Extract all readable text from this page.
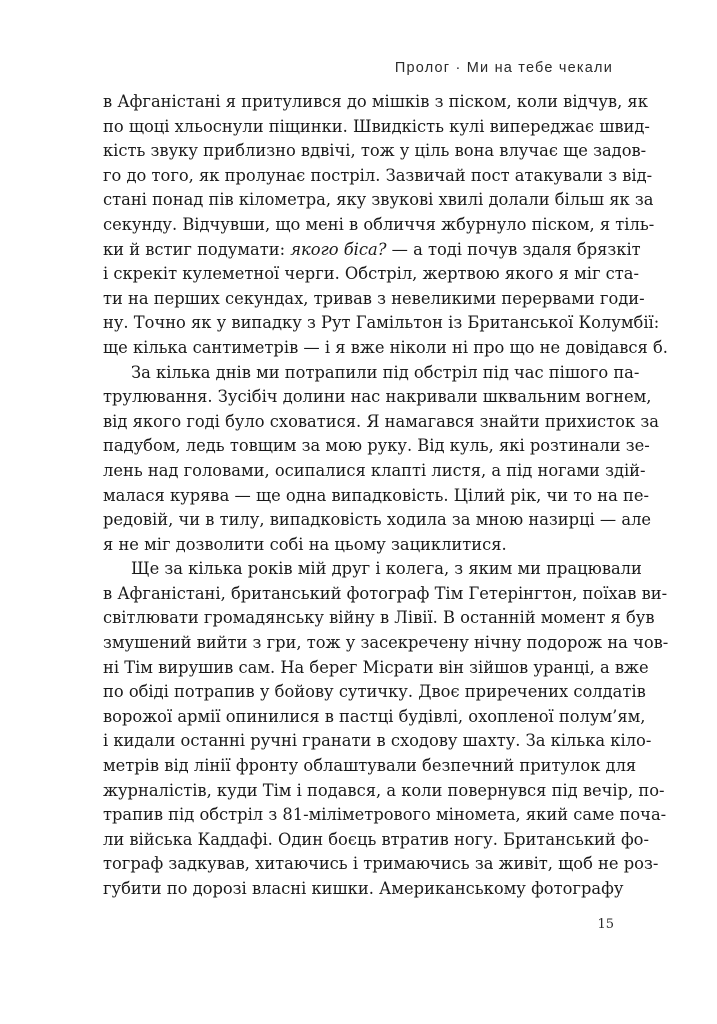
Пролог · Ми на тебе чекали
в Афганістані я притулився до мішків з піском, коли відчув, як
по щоці хльоснули піщинки. Швидкість кулі випереджає швид-
кість звуку приблизно вдвічі, тож у ціль вона влучає ще задов-
го до того, як пролунає постріл. Зазвичай пост атакували з від-
стані понад пів кілометра, яку звукові хвилі долали більш як за
секунду. Відчувши, що мені в обличчя жбурнуло піском, я тіль-
ки й встиг подумати: якого біса? — а тоді почув здаля брязкіт
і скрекіт кулеметної черги. Обстріл, жертвою якого я міг ста-
ти на перших секундах, тривав з невеликими перервами годи-
ну. Точно як у випадку з Рут Гамільтон із Британської Колумбії:
ще кілька сантиметрів — і я вже ніколи ні про що не довідався б.
За кілька днів ми потрапили під обстріл під час пішого па-
трулювання. Зусібіч долини нас накривали шквальним вогнем,
від якого годі було сховатися. Я намагався знайти прихисток за
падубом, ледь товщим за мою руку. Від куль, які розтинали зе-
лень над головами, осипалися клапті листя, а під ногами здій-
малася курява — ще одна випадковість. Цілий рік, чи то на пе-
редовій, чи в тилу, випадковість ходила за мною назирці — але
я не міг дозволити собі на цьому зациклитися.
Ще за кілька років мій друг і колега, з яким ми працювали
в Афганістані, британський фотограф Тім Гетерінгтон, поїхав ви-
світлювати громадянську війну в Лівії. В останній момент я був
змушений вийти з гри, тож у засекречену нічну подорож на чов-
ні Тім вирушив сам. На берег Місрати він зійшов уранці, а вже
по обіді потрапив у бойову сутичку. Двоє приречених солдатів
ворожої армії опинилися в пастці будівлі, охопленої полум’ям,
і кидали останні ручні гранати в сходову шахту. За кілька кіло-
метрів від лінії фронту облаштували безпечний притулок для
журналістів, куди Тім і подався, а коли повернувся під вечір, по-
трапив під обстріл з 81-міліметрового міномета, який саме поча-
ли війська Каддафі. Один боєць втратив ногу. Британський фо-
тограф задкував, хитаючись і тримаючись за живіт, щоб не роз-
губити по дорозі власні кишки. Американському фотографу
15
